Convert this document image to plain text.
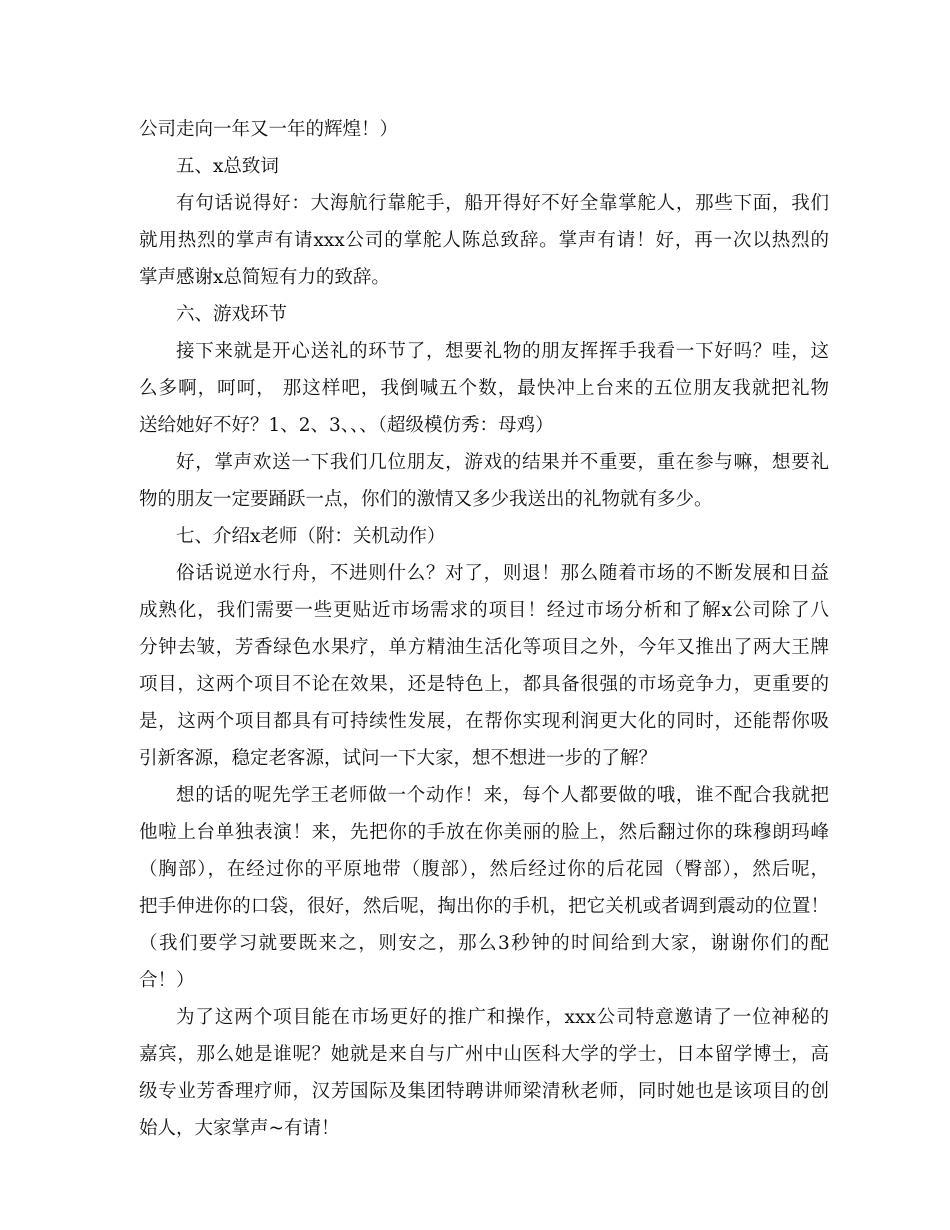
公司走向一年又一年的辉煌！）
五、x总致词
有句话说得好：大海航行靠舵手，船开得好不好全靠掌舵人，那些下面，我们
就用热烈的掌声有请xxx公司的掌舵人陈总致辞。掌声有请！好，再一次以热烈的
掌声感谢x总简短有力的致辞。
六、游戏环节
接下来就是开心送礼的环节了，想要礼物的朋友挥挥手我看一下好吗？哇，这
么多啊，呵呵， 那这样吧，我倒喊五个数，最快冲上台来的五位朋友我就把礼物
送给她好不好？1、2、3、、、（超级模仿秀：母鸡）
好，掌声欢送一下我们几位朋友，游戏的结果并不重要，重在参与嘛，想要礼
物的朋友一定要踊跃一点，你们的激情又多少我送出的礼物就有多少。
七、介绍x老师（附：关机动作）
俗话说逆水行舟，不进则什么？对了，则退！那么随着市场的不断发展和日益
成熟化，我们需要一些更贴近市场需求的项目！经过市场分析和了解x公司除了八
分钟去皱，芳香绿色水果疗，单方精油生活化等项目之外，今年又推出了两大王牌
项目，这两个项目不论在效果，还是特色上，都具备很强的市场竞争力，更重要的
是，这两个项目都具有可持续性发展，在帮你实现利润更大化的同时，还能帮你吸
引新客源，稳定老客源，试问一下大家，想不想进一步的了解？
想的话的呢先学王老师做一个动作！来，每个人都要做的哦，谁不配合我就把
他啦上台单独表演！来，先把你的手放在你美丽的脸上，然后翻过你的珠穆朗玛峰
（胸部），在经过你的平原地带（腹部），然后经过你的后花园（臀部），然后呢，
把手伸进你的口袋，很好，然后呢，掏出你的手机，把它关机或者调到震动的位置！
（我们要学习就要既来之，则安之，那么3秒钟的时间给到大家，谢谢你们的配
合！）
为了这两个项目能在市场更好的推广和操作，xxx公司特意邀请了一位神秘的
嘉宾，那么她是谁呢？她就是来自与广州中山医科大学的学士，日本留学博士，高
级专业芳香理疗师，汉芳国际及集团特聘讲师梁清秋老师，同时她也是该项目的创
始人，大家掌声~有请！
